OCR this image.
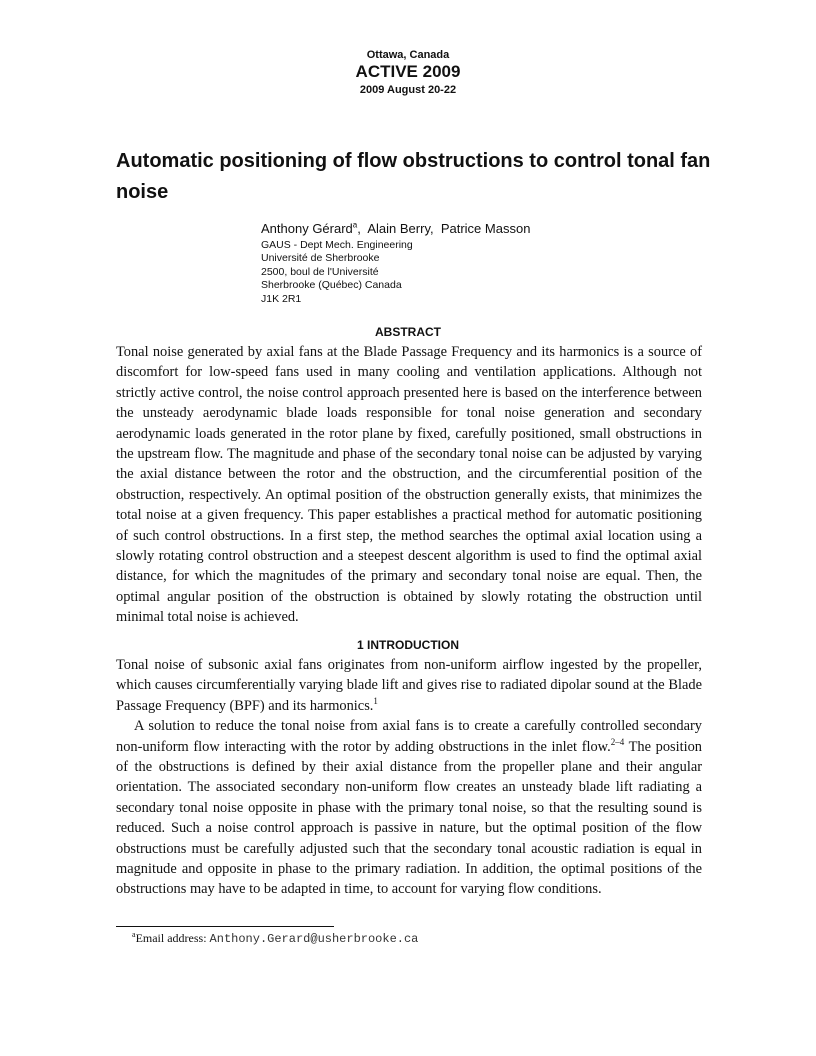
Ottawa, Canada
ACTIVE 2009
2009 August 20-22
Automatic positioning of flow obstructions to control tonal fan noise
Anthony Gérard$^a$,  Alain Berry,  Patrice Masson
GAUS - Dept Mech. Engineering
Université de Sherbrooke
2500, boul de l'Université
Sherbrooke (Québec) Canada
J1K 2R1
ABSTRACT

Tonal noise generated by axial fans at the Blade Passage Frequency and its harmonics is a source of discomfort for low-speed fans used in many cooling and ventilation applications. Although not strictly active control, the noise control approach presented here is based on the interference between the unsteady aerodynamic blade loads responsible for tonal noise generation and secondary aerodynamic loads generated in the rotor plane by fixed, carefully positioned, small obstructions in the upstream flow. The magnitude and phase of the secondary tonal noise can be adjusted by varying the axial distance between the rotor and the obstruction, and the circumferential position of the obstruction, respectively. An optimal position of the obstruction generally exists, that minimizes the total noise at a given frequency. This paper establishes a practical method for automatic positioning of such control obstructions. In a first step, the method searches the optimal axial location using a slowly rotating control obstruction and a steepest descent algorithm is used to find the optimal axial distance, for which the magnitudes of the primary and secondary tonal noise are equal. Then, the optimal angular position of the obstruction is obtained by slowly rotating the obstruction until minimal total noise is achieved.

1 INTRODUCTION

Tonal noise of subsonic axial fans originates from non-uniform airflow ingested by the propeller, which causes circumferentially varying blade lift and gives rise to radiated dipolar sound at the Blade Passage Frequency (BPF) and its harmonics.$^1$

A solution to reduce the tonal noise from axial fans is to create a carefully controlled secondary non-uniform flow interacting with the rotor by adding obstructions in the inlet flow.$^{2-4}$ The position of the obstructions is defined by their axial distance from the propeller plane and their angular orientation. The associated secondary non-uniform flow creates an unsteady blade lift radiating a secondary tonal noise opposite in phase with the primary tonal noise, so that the resulting sound is reduced. Such a noise control approach is passive in nature, but the optimal position of the flow obstructions must be carefully adjusted such that the secondary tonal acoustic radiation is equal in magnitude and opposite in phase to the primary radiation. In addition, the optimal positions of the obstructions may have to be adapted in time, to account for varying flow conditions.

$^a$Email address: Anthony.Gerard@usherbrooke.ca
